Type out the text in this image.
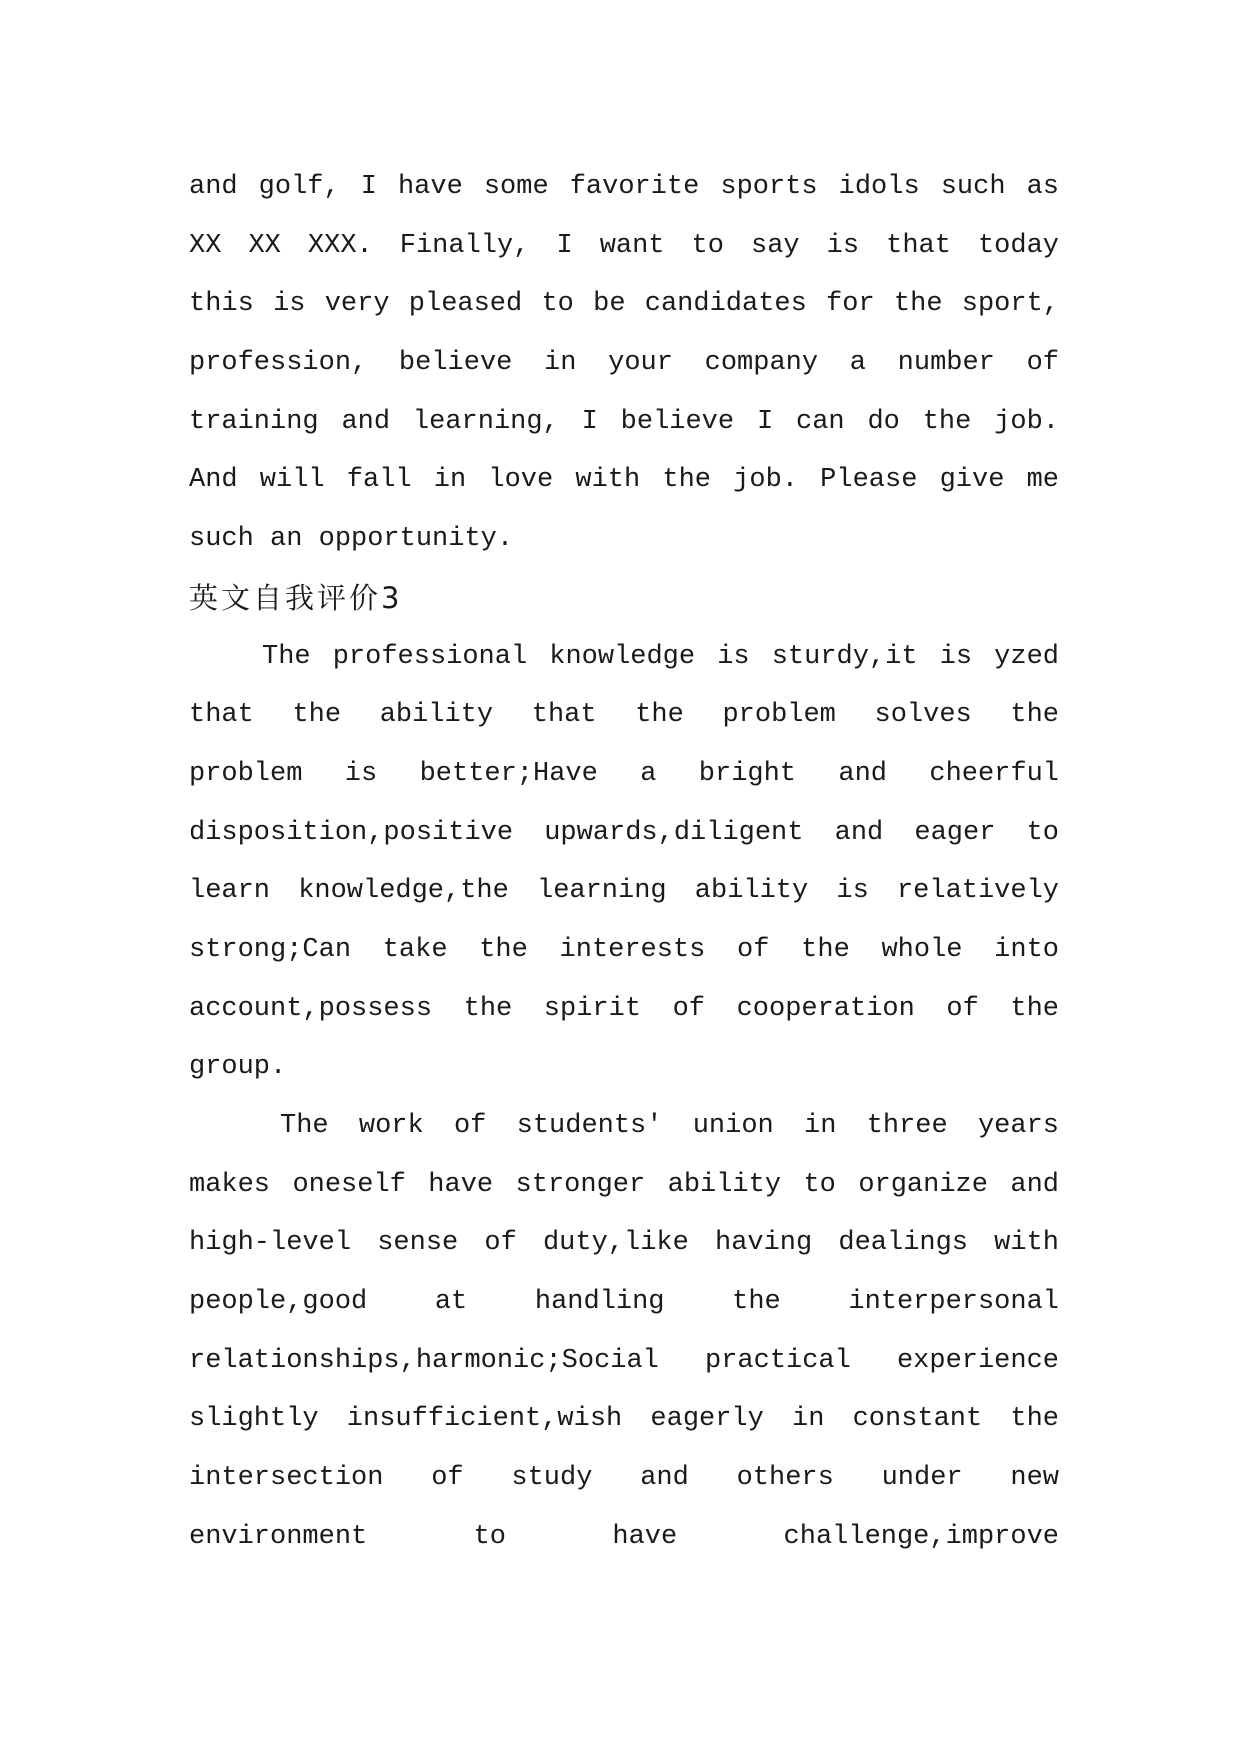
and golf, I have some favorite sports idols such as
XX XX XXX. Finally, I want to say is that today
this is very pleased to be candidates for the sport,
profession, believe in your company a number of
training and learning, I believe I can do the job.
And will fall in love with the job. Please give me
such an opportunity.
英文自我评价3
The professional knowledge is sturdy,it is yzed
that the ability that the problem solves the
problem is better;Have a bright and cheerful
disposition,positive upwards,diligent and eager to
learn knowledge,the learning ability is relatively
strong;Can take the interests of the whole into
account,possess the spirit of cooperation of the
group.
The work of students' union in three years
makes oneself have stronger ability to organize and
high-level sense of duty,like having dealings with
people,good at handling the interpersonal
relationships,harmonic;Social practical experience
slightly insufficient,wish eagerly in constant the
intersection of study and others under new
environment to have challenge,improve
